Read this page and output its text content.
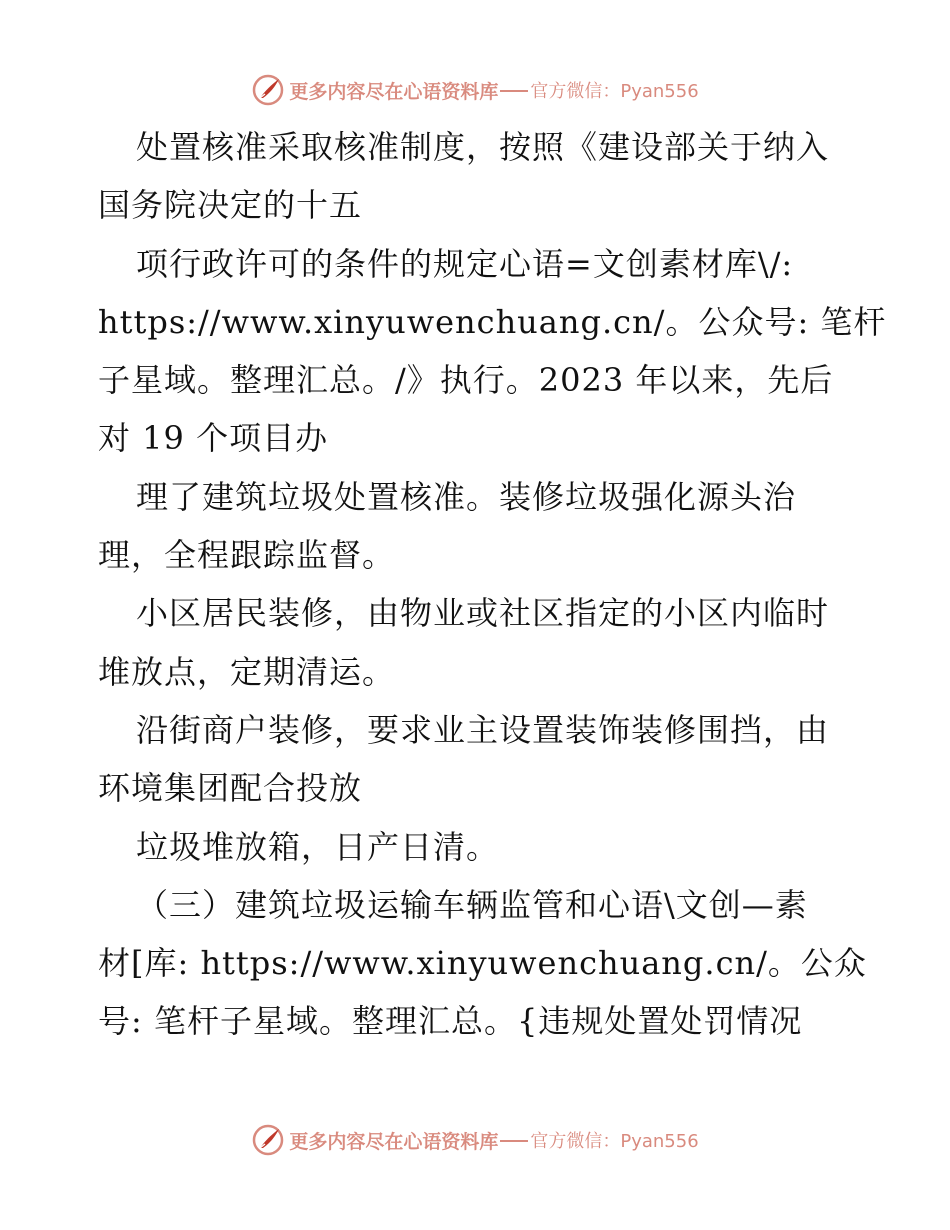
更多内容尽在心语资料库 官方微信：Pyan556
处置核准采取核准制度，按照《建设部关于纳入
国务院决定的十五
项行政许可的条件的规定心语=文创素材库\/:
https://www.xinyuwenchuang.cn/。公众号: 笔杆
子星域。整理汇总。/》执行。2023 年以来，先后
对 19 个项目办
理了建筑垃圾处置核准。装修垃圾强化源头治
理，全程跟踪监督。
小区居民装修，由物业或社区指定的小区内临时
堆放点，定期清运。
沿街商户装修，要求业主设置装饰装修围挡，由
环境集团配合投放
垃圾堆放箱，日产日清。
（三）建筑垃圾运输车辆监管和心语\文创—素
材[库: https://www.xinyuwenchuang.cn/。公众
号: 笔杆子星域。整理汇总。{违规处置处罚情况
更多内容尽在心语资料库 官方微信：Pyan556
